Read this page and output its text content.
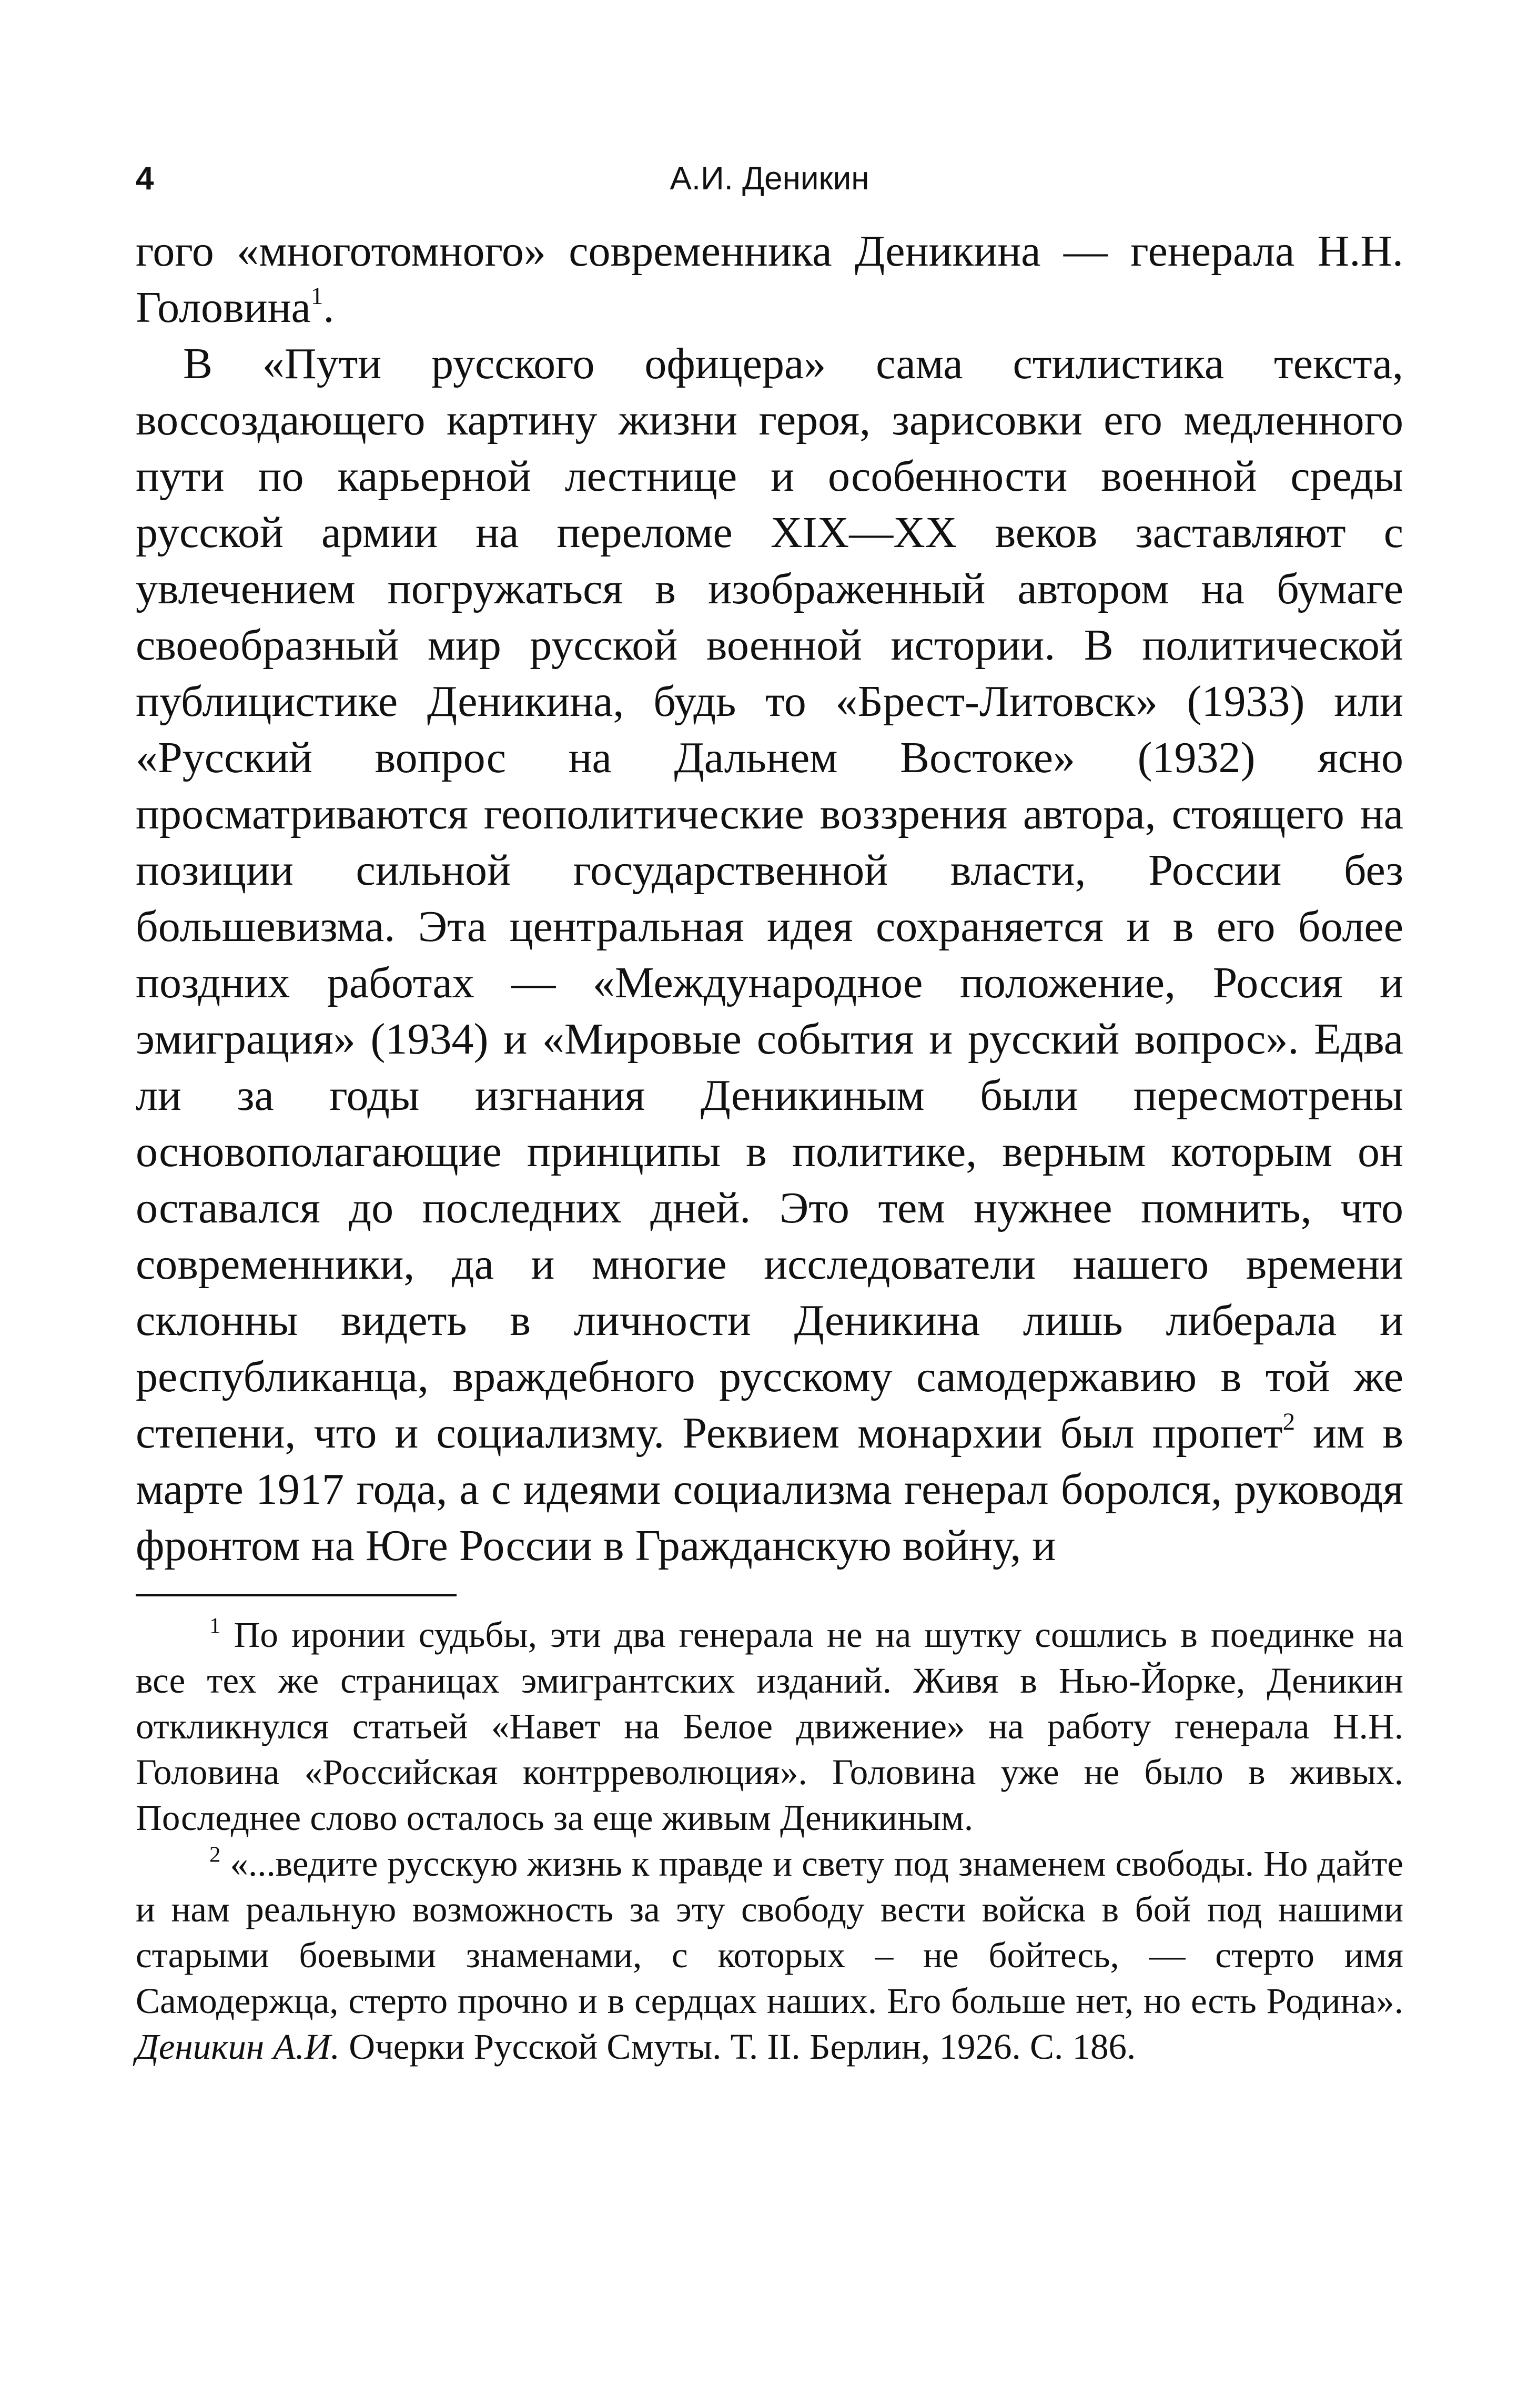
4	А.И. Деникин

гого «многотомного» современника Деникина — генерала Н.Н. Головина$^1$.

В «Пути русского офицера» сама стилистика текста, воссоздающего картину жизни героя, зарисовки его медленного пути по карьерной лестнице и особенности военной среды русской армии на переломе XIX—XX веков заставляют с увлечением погружаться в изображенный автором на бумаге своеобразный мир русской военной истории. В политической публицистике Деникина, будь то «Брест-Литовск» (1933) или «Русский вопрос на Дальнем Востоке» (1932) ясно просматриваются геополитические воззрения автора, стоящего на позиции сильной государственной власти, России без большевизма. Эта центральная идея сохраняется и в его более поздних работах — «Международное положение, Россия и эмиграция» (1934) и «Мировые события и русский вопрос». Едва ли за годы изгнания Деникиным были пересмотрены основополагающие принципы в политике, верным которым он оставался до последних дней. Это тем нужнее помнить, что современники, да и многие исследователи нашего времени склонны видеть в личности Деникина лишь либерала и республиканца, враждебного русскому самодержавию в той же степени, что и социализму. Реквием монархии был пропет$^2$ им в марте 1917 года, а с идеями социализма генерал боролся, руководя фронтом на Юге России в Гражданскую войну, и

$^1$ По иронии судьбы, эти два генерала не на шутку сошлись в поединке на все тех же страницах эмигрантских изданий. Живя в Нью-Йорке, Деникин откликнулся статьей «Навет на Белое движение» на работу генерала Н.Н. Головина «Российская контрреволюция». Головина уже не было в живых. Последнее слово осталось за еще живым Деникиным.

$^2$ «...ведите русскую жизнь к правде и свету под знаменем свободы. Но дайте и нам реальную возможность за эту свободу вести войска в бой под нашими старыми боевыми знаменами, с которых – не бойтесь, — стерто имя Самодержца, стерто прочно и в сердцах наших. Его больше нет, но есть Родина». Деникин А.И. Очерки Русской Смуты. Т. II. Берлин, 1926. С. 186.
